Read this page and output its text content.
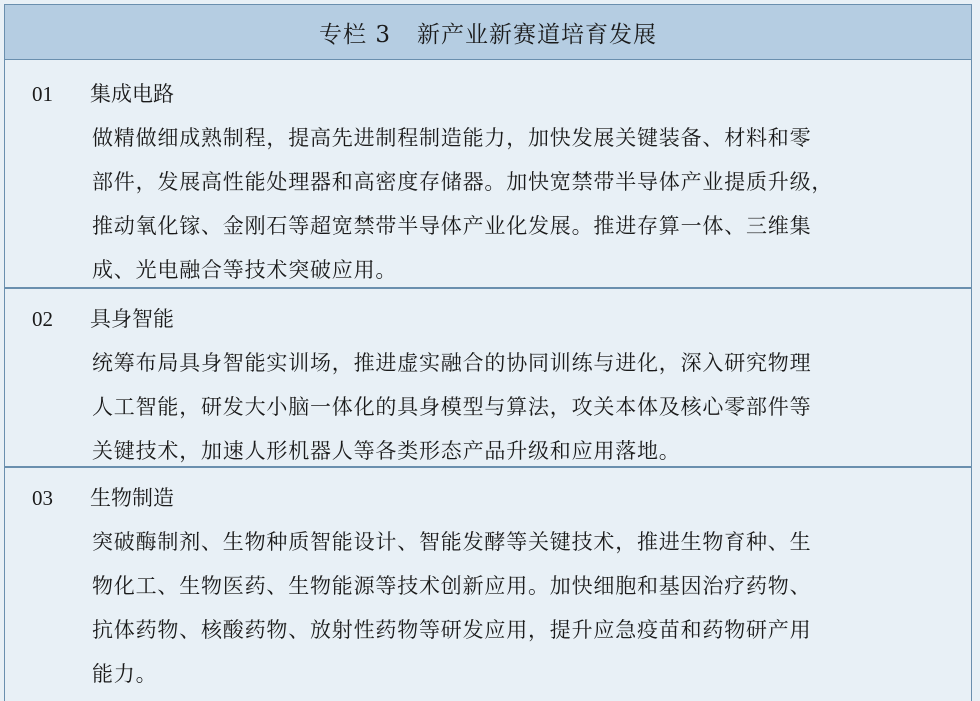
专栏 3 新产业新赛道培育发展
01 集成电路
做精做细成熟制程，提高先进制程制造能力，加快发展关键装备、材料和零
部件，发展高性能处理器和高密度存储器。加快宽禁带半导体产业提质升级，
推动氧化镓、金刚石等超宽禁带半导体产业化发展。推进存算一体、三维集
成、光电融合等技术突破应用。
02 具身智能
统筹布局具身智能实训场，推进虚实融合的协同训练与进化，深入研究物理
人工智能，研发大小脑一体化的具身模型与算法，攻关本体及核心零部件等
关键技术，加速人形机器人等各类形态产品升级和应用落地。
03 生物制造
突破酶制剂、生物种质智能设计、智能发酵等关键技术，推进生物育种、生
物化工、生物医药、生物能源等技术创新应用。加快细胞和基因治疗药物、
抗体药物、核酸药物、放射性药物等研发应用，提升应急疫苗和药物研产用
能力。
